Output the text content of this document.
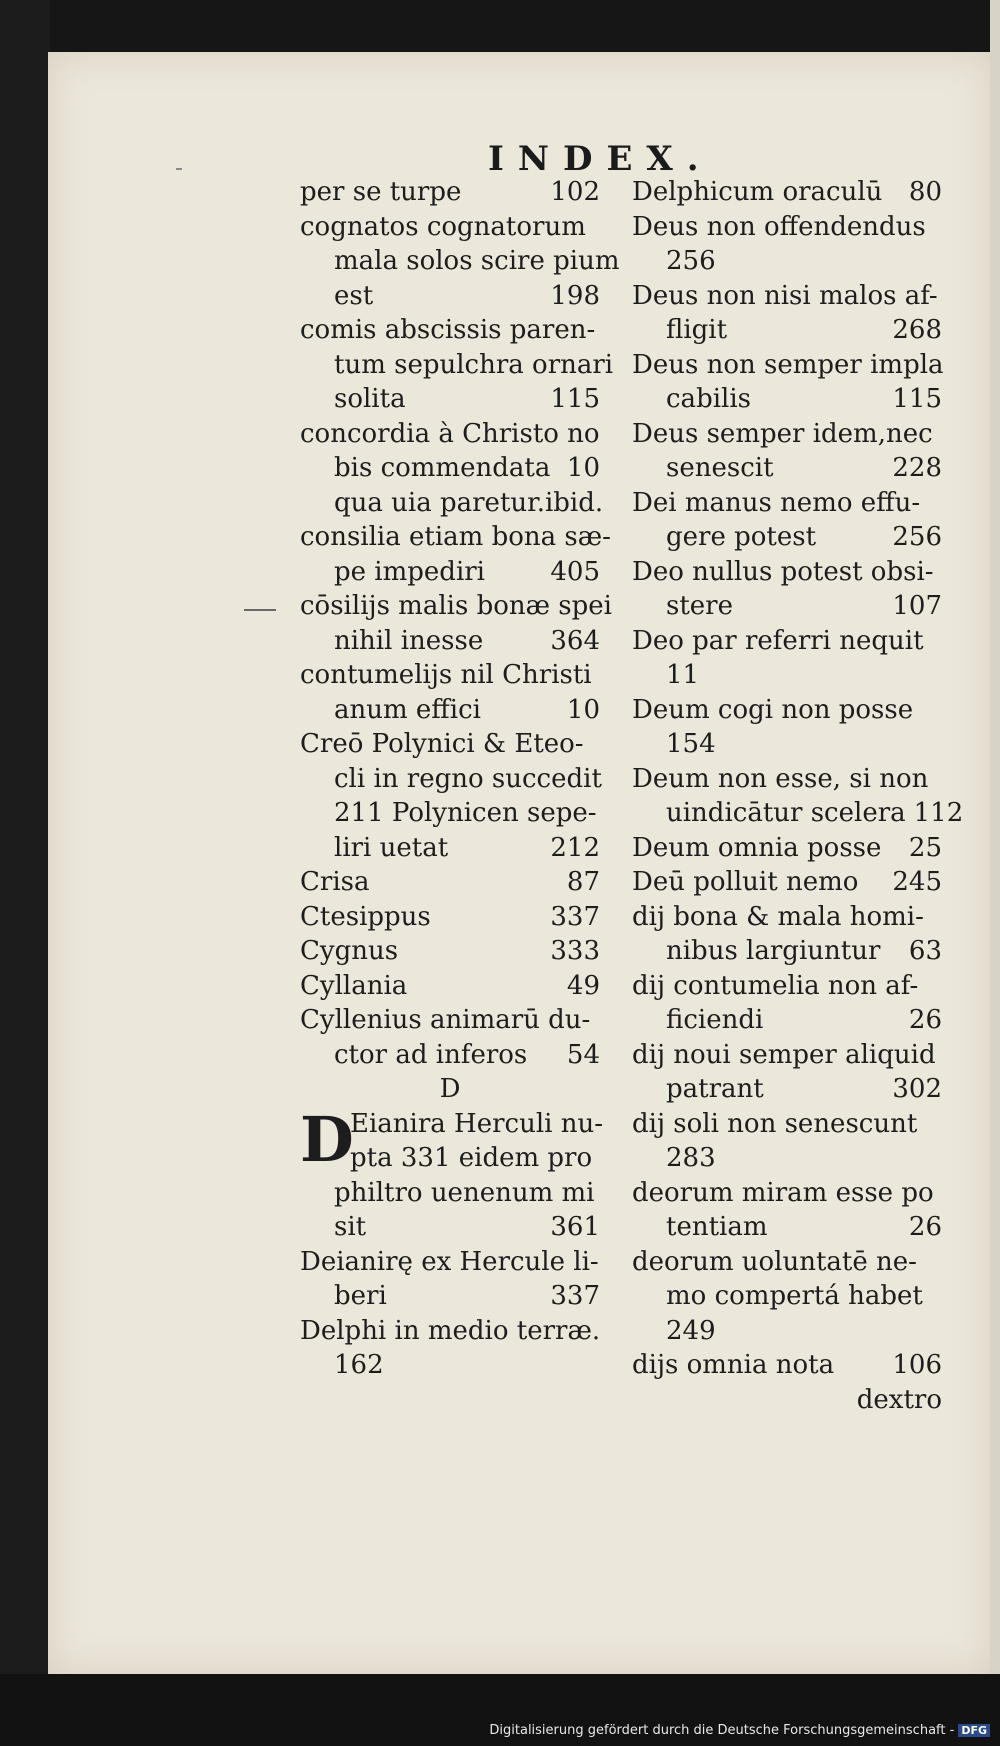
INDEX.
per se turpe	102
cognatos cognatorum
mala solos scire pium
est	198
comis abscissis paren-
tum sepulchra ornari
solita	115
concordia à Christo no
bis commendata 10
qua uia paretur.ibid.
consilia etiam bona sæ-
pe impediri	405
cōsilijs malis bonæ spei
nihil inesse	364
contumelijs nil Christi
anum effici	10
Creō Polynici & Eteo-
cli in regno succedit
211 Polynicen sepe-
liri uetat	212
Crisa	87
Ctesippus	337
Cygnus	333
Cyllania	49
Cyllenius animarū du-
ctor ad inferos 54
D
D
Eianira Herculi nu-
pta 331 eidem pro
philtro uenenum mi
sit	361
Deianirę ex Hercule li-
beri	337
Delphi in medio terræ.
162
Delphicum oraculū 80
Deus non offendendus
256
Deus non nisi malos af-
fligit	268
Deus non semper impla
cabilis	115
Deus semper idem,nec
senescit	228
Dei manus nemo effu-
gere potest	256
Deo nullus potest obsi-
stere	107
Deo par referri nequit
11
Deum cogi non posse
154
Deum non esse, si non
uindicātur scelera 112
Deum omnia posse 25
Deū polluit nemo 245
dij bona & mala homi-
nibus largiuntur 63
dij contumelia non af-
ficiendi	26
dij noui semper aliquid
patrant	302
dij soli non senescunt
283
deorum miram esse po
tentiam	26
deorum uoluntatē ne-
mo compertá habet
249
dijs omnia nota 106
dextro
Digitalisierung gefördert durch die Deutsche Forschungsgemeinschaft - DFG
